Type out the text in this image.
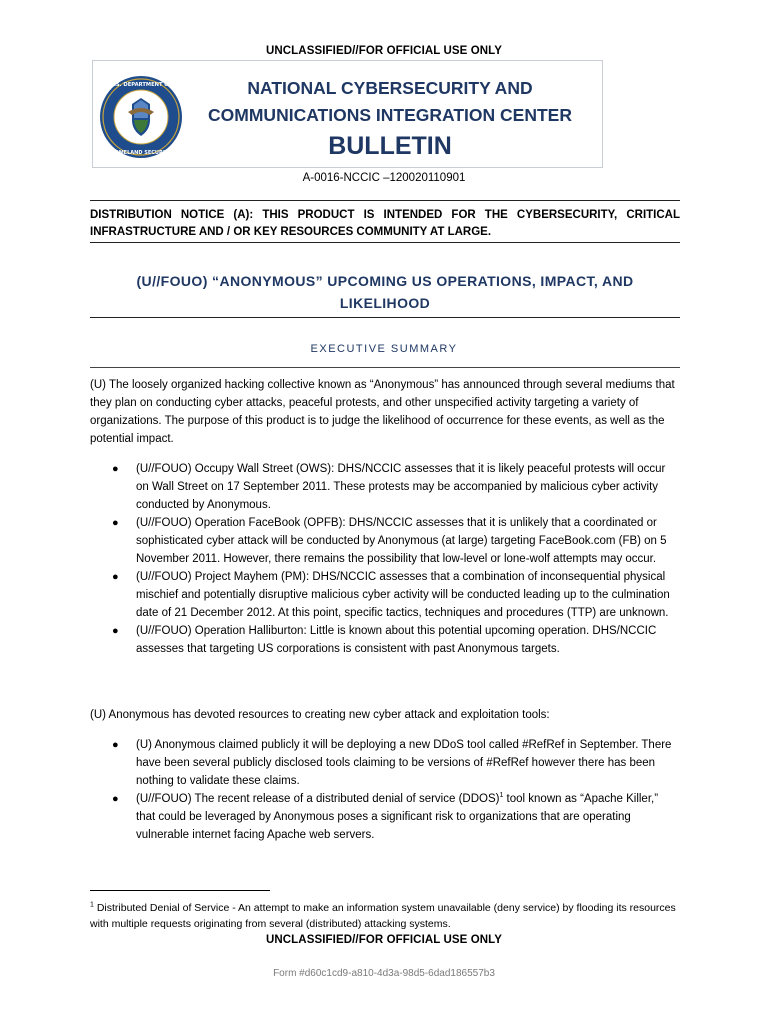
UNCLASSIFIED//FOR OFFICIAL USE ONLY
U.S. DEPARTMENT OF
HOMELAND SECURITY
NATIONAL CYBERSECURITY AND
COMMUNICATIONS INTEGRATION CENTER
BULLETIN
A-0016-NCCIC –120020110901
DISTRIBUTION NOTICE (A): THIS PRODUCT IS INTENDED FOR THE CYBERSECURITY, CRITICAL INFRASTRUCTURE AND / OR KEY RESOURCES COMMUNITY AT LARGE.
(U//FOUO) “ANONYMOUS” UPCOMING US OPERATIONS, IMPACT, AND LIKELIHOOD
EXECUTIVE SUMMARY
(U) The loosely organized hacking collective known as “Anonymous” has announced through several mediums that they plan on conducting cyber attacks, peaceful protests, and other unspecified activity targeting a variety of organizations. The purpose of this product is to judge the likelihood of occurrence for these events, as well as the potential impact.
● (U//FOUO) Occupy Wall Street (OWS): DHS/NCCIC assesses that it is likely peaceful protests will occur on Wall Street on 17 September 2011. These protests may be accompanied by malicious cyber activity conducted by Anonymous.
● (U//FOUO) Operation FaceBook (OPFB): DHS/NCCIC assesses that it is unlikely that a coordinated or sophisticated cyber attack will be conducted by Anonymous (at large) targeting FaceBook.com (FB) on 5 November 2011. However, there remains the possibility that low-level or lone-wolf attempts may occur.
● (U//FOUO) Project Mayhem (PM): DHS/NCCIC assesses that a combination of inconsequential physical mischief and potentially disruptive malicious cyber activity will be conducted leading up to the culmination date of 21 December 2012. At this point, specific tactics, techniques and procedures (TTP) are unknown.
● (U//FOUO) Operation Halliburton: Little is known about this potential upcoming operation. DHS/NCCIC assesses that targeting US corporations is consistent with past Anonymous targets.
(U) Anonymous has devoted resources to creating new cyber attack and exploitation tools:
● (U) Anonymous claimed publicly it will be deploying a new DDoS tool called #RefRef in September. There have been several publicly disclosed tools claiming to be versions of #RefRef however there has been nothing to validate these claims.
● (U//FOUO) The recent release of a distributed denial of service (DDOS)$^1$ tool known as “Apache Killer,” that could be leveraged by Anonymous poses a significant risk to organizations that are operating vulnerable internet facing Apache web servers.
$^1$ Distributed Denial of Service - An attempt to make an information system unavailable (deny service) by flooding its resources with multiple requests originating from several (distributed) attacking systems.
UNCLASSIFIED//FOR OFFICIAL USE ONLY
Form #d60c1cd9-a810-4d3a-98d5-6dad186557b3
